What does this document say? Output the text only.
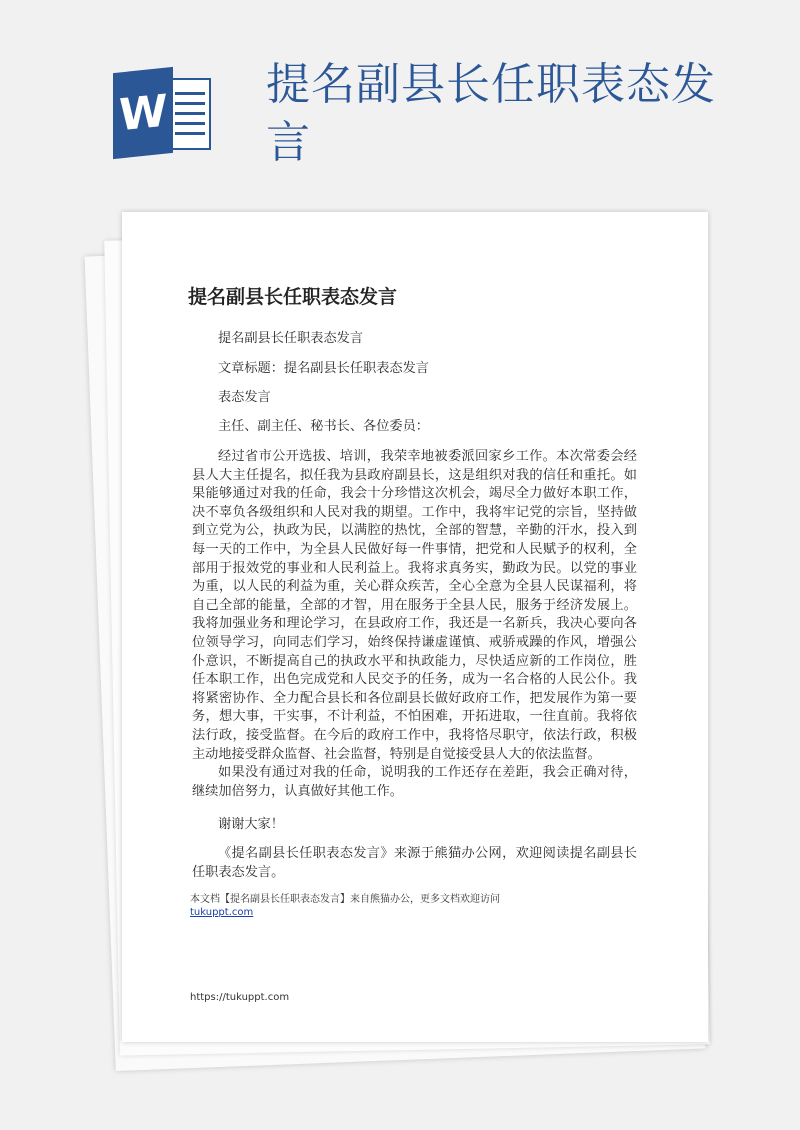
W
提名副县长任职表态发言
提名副县长任职表态发言
提名副县长任职表态发言
文章标题：提名副县长任职表态发言
表态发言
主任、副主任、秘书长、各位委员：
经过省市公开选拔、培训，我荣幸地被委派回家乡工作。本次常委会经县人大主任提名，拟任我为县政府副县长，这是组织对我的信任和重托。如果能够通过对我的任命，我会十分珍惜这次机会，竭尽全力做好本职工作，决不辜负各级组织和人民对我的期望。工作中，我将牢记党的宗旨，坚持做到立党为公，执政为民，以满腔的热忱，全部的智慧，辛勤的汗水，投入到每一天的工作中，为全县人民做好每一件事情，把党和人民赋予的权利，全部用于报效党的事业和人民利益上。我将求真务实，勤政为民。以党的事业为重，以人民的利益为重，关心群众疾苦，全心全意为全县人民谋福利，将自己全部的能量，全部的才智，用在服务于全县人民，服务于经济发展上。我将加强业务和理论学习，在县政府工作，我还是一名新兵，我决心要向各位领导学习，向同志们学习，始终保持谦虚谨慎、戒骄戒躁的作风，增强公仆意识，不断提高自己的执政水平和执政能力，尽快适应新的工作岗位，胜任本职工作，出色完成党和人民交予的任务，成为一名合格的人民公仆。我将紧密协作、全力配合县长和各位副县长做好政府工作，把发展作为第一要务，想大事，干实事，不计利益，不怕困难，开拓进取，一往直前。我将依法行政，接受监督。在今后的政府工作中，我将恪尽职守，依法行政，积极主动地接受群众监督、社会监督，特别是自觉接受县人大的依法监督。
如果没有通过对我的任命，说明我的工作还存在差距，我会正确对待，继续加倍努力，认真做好其他工作。
谢谢大家！
《提名副县长任职表态发言》来源于熊猫办公网，欢迎阅读提名副县长任职表态发言。
本文档【提名副县长任职表态发言】来自熊猫办公，更多文档欢迎访问
tukuppt.com
https://tukuppt.com
